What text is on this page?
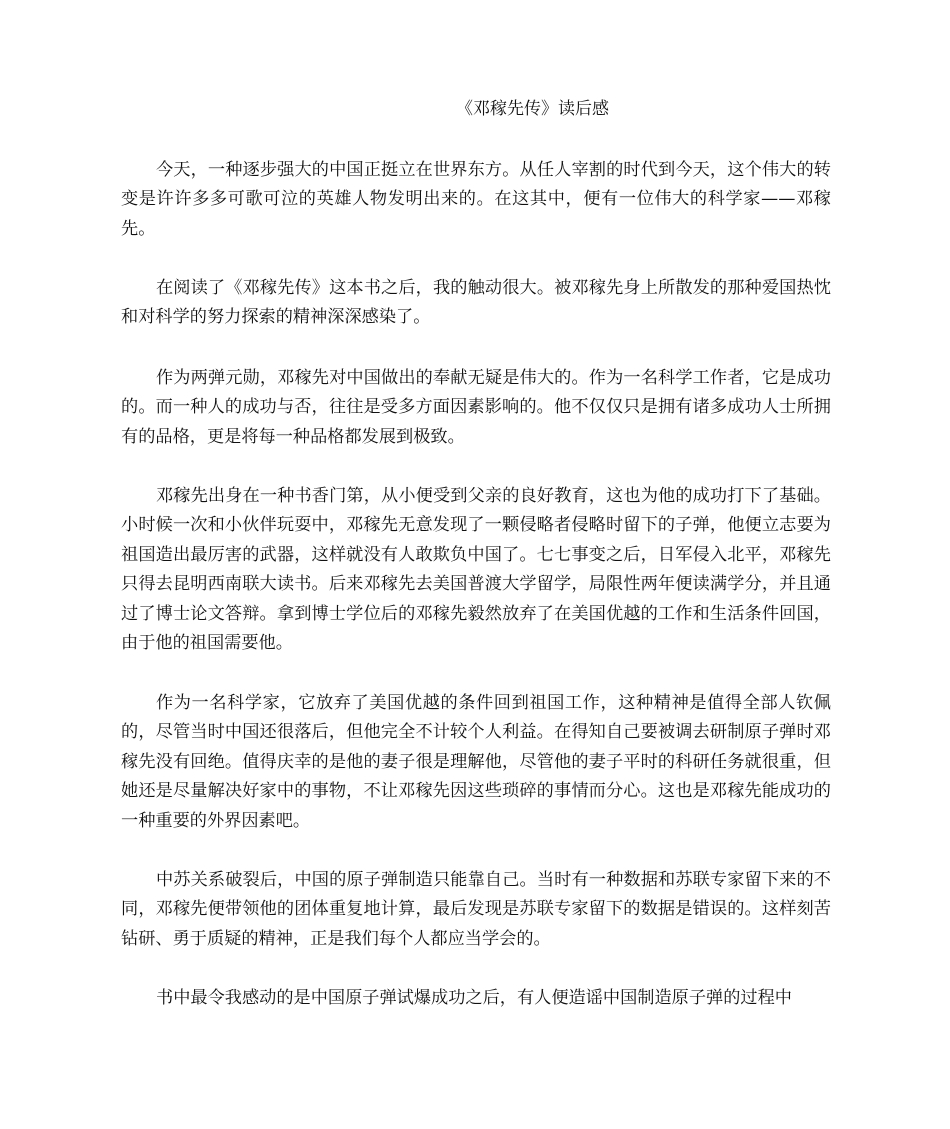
《邓稼先传》读后感

今天，一种逐步强大的中国正挺立在世界东方。从任人宰割的时代到今天，这个伟大的转变是许许多多可歌可泣的英雄人物发明出来的。在这其中，便有一位伟大的科学家——邓稼先。

在阅读了《邓稼先传》这本书之后，我的触动很大。被邓稼先身上所散发的那种爱国热忱和对科学的努力探索的精神深深感染了。

作为两弹元勋，邓稼先对中国做出的奉献无疑是伟大的。作为一名科学工作者，它是成功的。而一种人的成功与否，往往是受多方面因素影响的。他不仅仅只是拥有诸多成功人士所拥有的品格，更是将每一种品格都发展到极致。

邓稼先出身在一种书香门第，从小便受到父亲的良好教育，这也为他的成功打下了基础。小时候一次和小伙伴玩耍中，邓稼先无意发现了一颗侵略者侵略时留下的子弹，他便立志要为祖国造出最厉害的武器，这样就没有人敢欺负中国了。七七事变之后，日军侵入北平，邓稼先只得去昆明西南联大读书。后来邓稼先去美国普渡大学留学，局限性两年便读满学分，并且通过了博士论文答辩。拿到博士学位后的邓稼先毅然放弃了在美国优越的工作和生活条件回国，由于他的祖国需要他。

作为一名科学家，它放弃了美国优越的条件回到祖国工作，这种精神是值得全部人钦佩的，尽管当时中国还很落后，但他完全不计较个人利益。在得知自己要被调去研制原子弹时邓稼先没有回绝。值得庆幸的是他的妻子很是理解他，尽管他的妻子平时的科研任务就很重，但她还是尽量解决好家中的事物，不让邓稼先因这些琐碎的事情而分心。这也是邓稼先能成功的一种重要的外界因素吧。

中苏关系破裂后，中国的原子弹制造只能靠自己。当时有一种数据和苏联专家留下来的不同，邓稼先便带领他的团体重复地计算，最后发现是苏联专家留下的数据是错误的。这样刻苦钻研、勇于质疑的精神，正是我们每个人都应当学会的。

书中最令我感动的是中国原子弹试爆成功之后，有人便造谣中国制造原子弹的过程中
